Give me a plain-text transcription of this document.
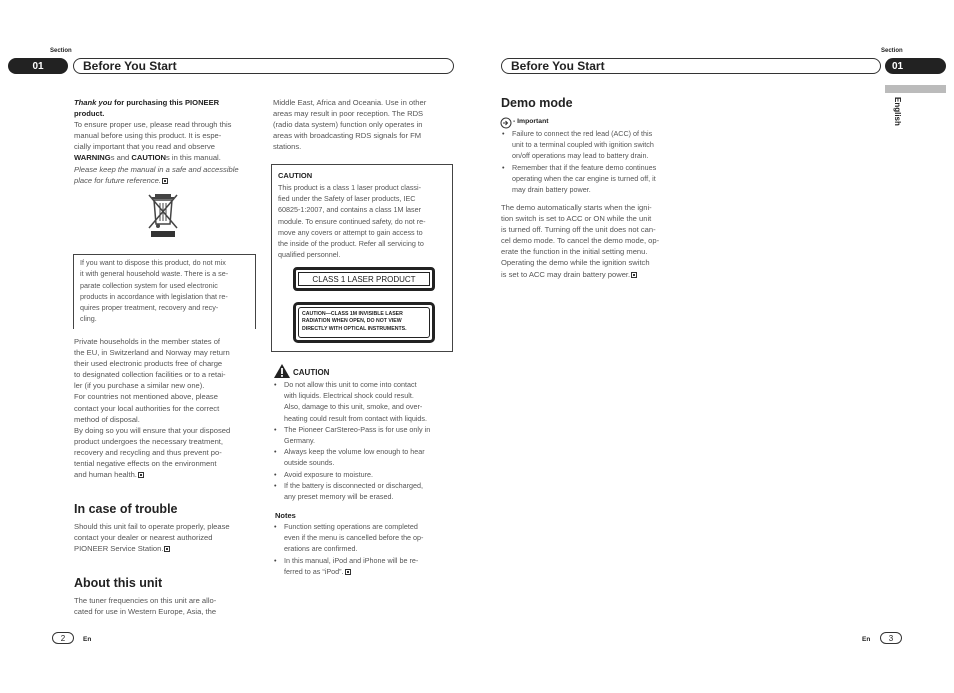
Section
01	Before You Start

Thank you for purchasing this PIONEER

product.

To ensure proper use, please read through this

manual before using this product. It is espe-

cially important that you read and observe

WARNINGs and CAUTIONs in this manual.

Please keep the manual in a safe and accessible

place for future reference.

If you want to dispose this product, do not mix

it with general household waste. There is a se-

parate collection system for used electronic

products in accordance with legislation that re-

quires proper treatment, recovery and recy-

cling.

Private households in the member states of

the EU, in Switzerland and Norway may return

their used electronic products free of charge

to designated collection facilities or to a retai-

ler (if you purchase a similar new one).

For countries not mentioned above, please

contact your local authorities for the correct

method of disposal.

By doing so you will ensure that your disposed

product undergoes the necessary treatment,

recovery and recycling and thus prevent po-

tential negative effects on the environment

and human health.

In case of trouble

Should this unit fail to operate properly, please

contact your dealer or nearest authorized

PIONEER Service Station.

About this unit

The tuner frequencies on this unit are allo-

cated for use in Western Europe, Asia, the

2	En

Middle East, Africa and Oceania. Use in other

areas may result in poor reception. The RDS

(radio data system) function only operates in

areas with broadcasting RDS signals for FM

stations.

CAUTION

This product is a class 1 laser product classi-

fied under the Safety of laser products, IEC

60825-1:2007, and contains a class 1M laser

module. To ensure continued safety, do not re-

move any covers or attempt to gain access to

the inside of the product. Refer all servicing to

qualified personnel.

CLASS 1 LASER PRODUCT
CAUTION—CLASS 1M INVISIBLE LASER
RADIATION WHEN OPEN, DO NOT VIEW
DIRECTLY WITH OPTICAL INSTRUMENTS.
CAUTION
• Do not allow this unit to come into contact
with liquids. Electrical shock could result.
Also, damage to this unit, smoke, and over-
heating could result from contact with liquids.
• The Pioneer CarStereo-Pass is for use only in
Germany.
• Always keep the volume low enough to hear
outside sounds.
• Avoid exposure to moisture.
• If the battery is disconnected or discharged,
any preset memory will be erased.
Notes
• Function setting operations are completed
even if the menu is cancelled before the op-
erations are confirmed.
• In this manual, iPod and iPhone will be re-
ferred to as “iPod”.
Section
Before You Start	01
English
Demo mode
- Important
• Failure to connect the red lead (ACC) of this
unit to a terminal coupled with ignition switch
on/off operations may lead to battery drain.
• Remember that if the feature demo continues
operating when the car engine is turned off, it
may drain battery power.

The demo automatically starts when the igni-

tion switch is set to ACC or ON while the unit

is turned off. Turning off the unit does not can-

cel demo mode. To cancel the demo mode, op-

erate the function in the initial setting menu.

Operating the demo while the ignition switch

is set to ACC may drain battery power.

En	3
